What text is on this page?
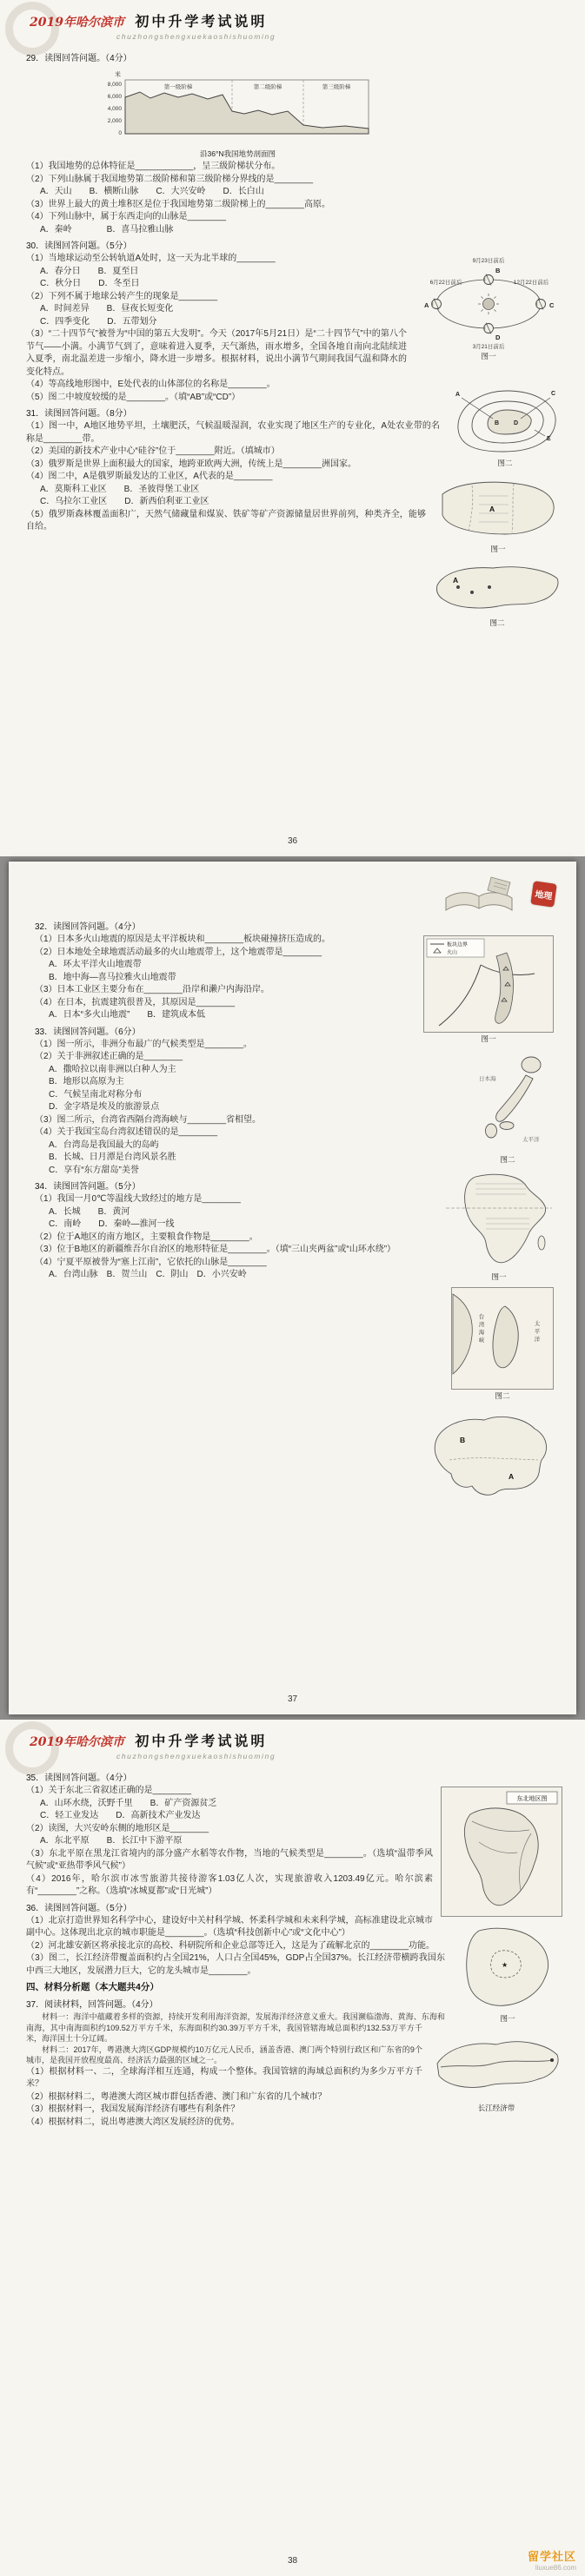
2019年哈尔滨市 初中升学考试说明
chuzhongshengxuekaoshishuoming
29．读图回答问题。（4分）
米
8,000
6,000
4,000
2,000
0
第一级阶梯	第二级阶梯	第三级阶梯
沿36°N我国地势剖面图
（1）我国地势的总体特征是____________，呈三级阶梯状分布。
（2）下列山脉属于我国地势第二级阶梯和第三级阶梯分界线的是________
A．天山　　B．横断山脉　　C．大兴安岭　　D．长白山
（3）世界上最大的黄土堆积区是位于我国地势第二级阶梯上的________高原。
（4）下列山脉中，属于东西走向的山脉是________
A．秦岭　　　　B．喜马拉雅山脉
30．读图回答问题。（5分）
9月23日前后
3月21日前后
6月22日前后	12月22日前后
A
B
C
D
图一
（1）当地球运动至公转轨道A处时，这一天为北半球的________
A．春分日　　B．夏至日
C．秋分日　　D．冬至日
（2）下列不属于地球公转产生的现象是________
A．时间差异　　B．昼夜长短变化
C．四季变化　　D．五带划分
（3）“二十四节气”被誉为“中国的第五大发明”。今天（2017年5月21日）是“二十四节气”中的第八个节气——小满。小满节气到了，意味着进入夏季，天气渐热，雨水增多，全国各地自南向北陆续进入夏季，南北温差进一步缩小，降水进一步增多。根据材料，说出小满节气期间我国气温和降水的变化特点。
A
B
C
D
E
图二
（4）等高线地形图中，E处代表的山体部位的名称是________。
（5）图二中坡度较缓的是________。（填“AB”或“CD”）
31．读图回答问题。（8分）
A
图一
（1）图一中，A地区地势平坦，土壤肥沃，气候温暖湿润，农业实现了地区生产的专业化，A处农业带的名称是________带。
（2）美国的新技术产业中心“硅谷”位于________附近。（填城市）
（3）俄罗斯是世界上面积最大的国家，地跨亚欧两大洲，传统上是________洲国家。
A
图二
（4）图二中，A是俄罗斯最发达的工业区，A代表的是________
A．莫斯科工业区　　B．圣彼得堡工业区
C．乌拉尔工业区　　D．新西伯利亚工业区
（5）俄罗斯森林覆盖面积广，天然气储藏量和煤炭、铁矿等矿产资源储量居世界前列，种类齐全，能够自给。
36
地理
32．读图回答问题。（4分）
板块边界
火山
图一
（1）日本多火山地震的原因是太平洋板块和________板块碰撞挤压造成的。
（2）日本地处全球地震活动最多的火山地震带上，这个地震带是________
A．环太平洋火山地震带
B．地中海—喜马拉雅火山地震带
日本海
太平洋
图二
（3）日本工业区主要分布在________沿岸和濑户内海沿岸。
（4）在日本，抗震建筑很普及，其原因是________
A．日本“多火山地震”　　B．建筑成本低
33．读图回答问题。（6分）
图一
（1）图一所示，非洲分布最广的气候类型是________。
（2）关于非洲叙述正确的是________
A．撒哈拉以南非洲以白种人为主
B．地形以高原为主
C．气候呈南北对称分布
D．金字塔是埃及的旅游景点
台
湾
海
峡
太
平
洋
图二
（3）图二所示，台湾省西隔台湾海峡与________省相望。
（4）关于我国宝岛台湾叙述错误的是________
A．台湾岛是我国最大的岛屿
B．长城、日月潭是台湾风景名胜
C．享有“东方甜岛”美誉
34．读图回答问题。（5分）
B
A
（1）我国一月0℃等温线大致经过的地方是________
A．长城　　B．黄河
C．南岭　　D．秦岭—淮河一线
（2）位于A地区的南方地区，主要粮食作物是________。
（3）位于B地区的新疆维吾尔自治区的地形特征是________。（填“三山夹两盆”或“山环水绕”）
（4）宁夏平原被誉为“塞上江南”，它依托的山脉是________
A．台湾山脉　B．贺兰山　C．阴山　D．小兴安岭
37
2019年哈尔滨市 初中升学考试说明
chuzhongshengxuekaoshishuoming
35．读图回答问题。（4分）
东北地区图
（1）关于东北三省叙述正确的是________
A．山环水绕，沃野千里　　B．矿产资源贫乏
C．轻工业发达　　D．高新技术产业发达
（2）读图，大兴安岭东侧的地形区是________
A．东北平原　　B．长江中下游平原
（3）东北平原在黑龙江省境内的部分盛产水稻等农作物，当地的气候类型是________。（选填“温带季风气候”或“亚热带季风气候”）
（4）2016年，哈尔滨市冰雪旅游共接待游客1.03亿人次，实现旅游收入1203.49亿元。哈尔滨素有“________”之称。（选填“冰城夏都”或“日光城”）
36．读图回答问题。（5分）
★
图一
（1）北京打造世界知名科学中心，建设好中关村科学城、怀柔科学城和未来科学城，高标准建设北京城市副中心。这体现出北京的城市职能是________。（选填“科技创新中心”或“文化中心”）
（2）河北雄安新区将承接北京的高校、科研院所和企业总部等迁入，这是为了疏解北京的________功能。
长江经济带
（3）图二，长江经济带覆盖面积约占全国21%，人口占全国45%，GDP占全国37%。长江经济带横跨我国东中西三大地区，发展潜力巨大，它的龙头城市是________。
四、材料分析题（本大题共4分）
37．阅读材料，回答问题。（4分）
材料一：海洋中蕴藏着多样的资源，持续开发利用海洋资源，发展海洋经济意义重大。我国濒临渤海、黄海、东海和南海，其中南海面积约109.52万平方千米，东海面积约30.39万平方千米，我国管辖海域总面积约132.53万平方千米，海洋国土十分辽阔。
材料二：2017年，粤港澳大湾区GDP规模约10万亿元人民币，涵盖香港、澳门两个特别行政区和广东省的9个城市，是我国开放程度最高、经济活力最强的区域之一。
（1）根据材料一、二，全球海洋相互连通，构成一个整体。我国管辖的海域总面积约为多少万平方千米？
（2）根据材料二，粤港澳大湾区城市群包括香港、澳门和广东省的几个城市？
（3）根据材料一，我国发展海洋经济有哪些有利条件？
（4）根据材料二，说出粤港澳大湾区发展经济的优势。
38	留学社区
liuxue86.com
